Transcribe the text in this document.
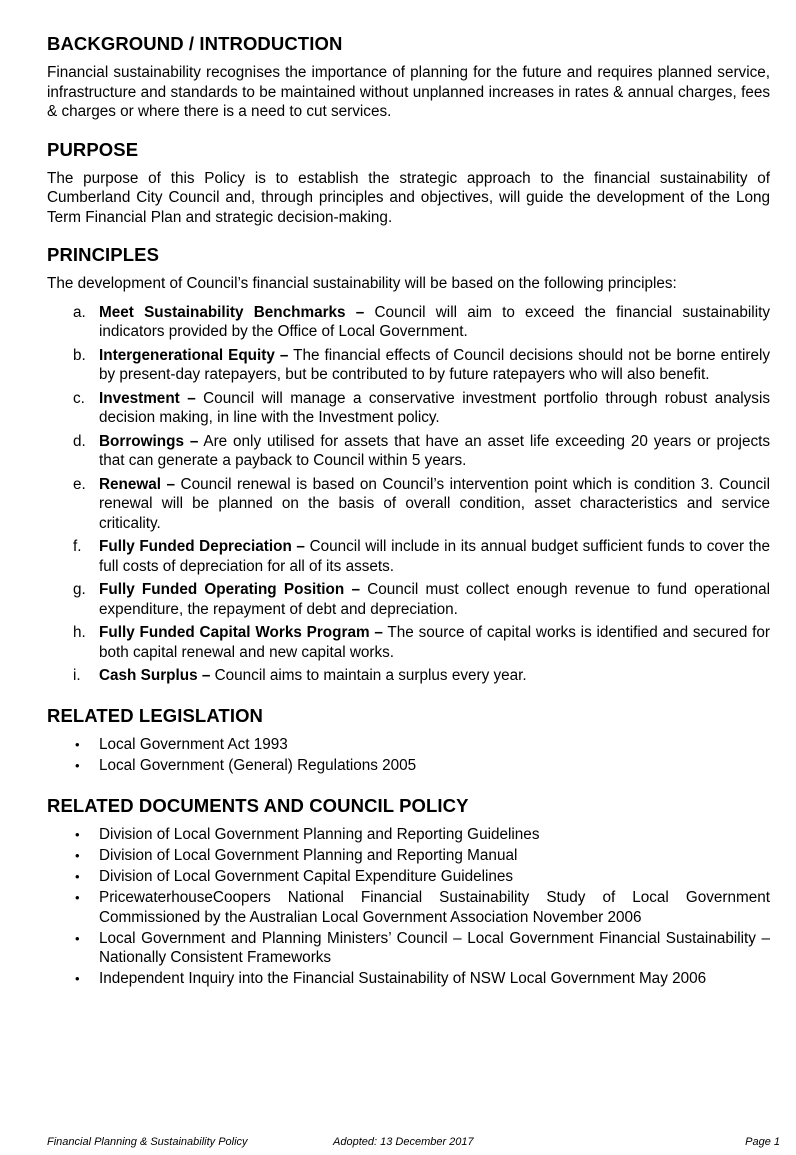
BACKGROUND / INTRODUCTION

Financial sustainability recognises the importance of planning for the future and requires planned service, infrastructure and standards to be maintained without unplanned increases in rates & annual charges, fees & charges or where there is a need to cut services.

PURPOSE

The purpose of this Policy is to establish the strategic approach to the financial sustainability of Cumberland City Council and, through principles and objectives, will guide the development of the Long Term Financial Plan and strategic decision-making.

PRINCIPLES

The development of Council’s financial sustainability will be based on the following principles:

a. Meet Sustainability Benchmarks – Council will aim to exceed the financial sustainability indicators provided by the Office of Local Government.
b. Intergenerational Equity – The financial effects of Council decisions should not be borne entirely by present-day ratepayers, but be contributed to by future ratepayers who will also benefit.
c. Investment – Council will manage a conservative investment portfolio through robust analysis decision making, in line with the Investment policy.
d. Borrowings – Are only utilised for assets that have an asset life exceeding 20 years or projects that can generate a payback to Council within 5 years.
e. Renewal – Council renewal is based on Council’s intervention point which is condition 3. Council renewal will be planned on the basis of overall condition, asset characteristics and service criticality.
f.	Fully Funded Depreciation – Council will include in its annual budget sufficient funds to cover the full costs of depreciation for all of its assets.
g. Fully Funded Operating Position – Council must collect enough revenue to fund operational expenditure, the repayment of debt and depreciation.
h. Fully Funded Capital Works Program – The source of capital works is identified and secured for both capital renewal and new capital works.
i.	Cash Surplus – Council aims to maintain a surplus every year.
RELATED LEGISLATION
• Local Government Act 1993
• Local Government (General) Regulations 2005
RELATED DOCUMENTS AND COUNCIL POLICY
• Division of Local Government Planning and Reporting Guidelines
• Division of Local Government Planning and Reporting Manual
• Division of Local Government Capital Expenditure Guidelines
• PricewaterhouseCoopers National Financial Sustainability Study of Local Government Commissioned by the Australian Local Government Association November 2006
• Local Government and Planning Ministers’ Council – Local Government Financial Sustainability – Nationally Consistent Frameworks
• Independent Inquiry into the Financial Sustainability of NSW Local Government May 2006
Financial Planning & Sustainability Policy	Adopted: 13 December 2017	Page 1
